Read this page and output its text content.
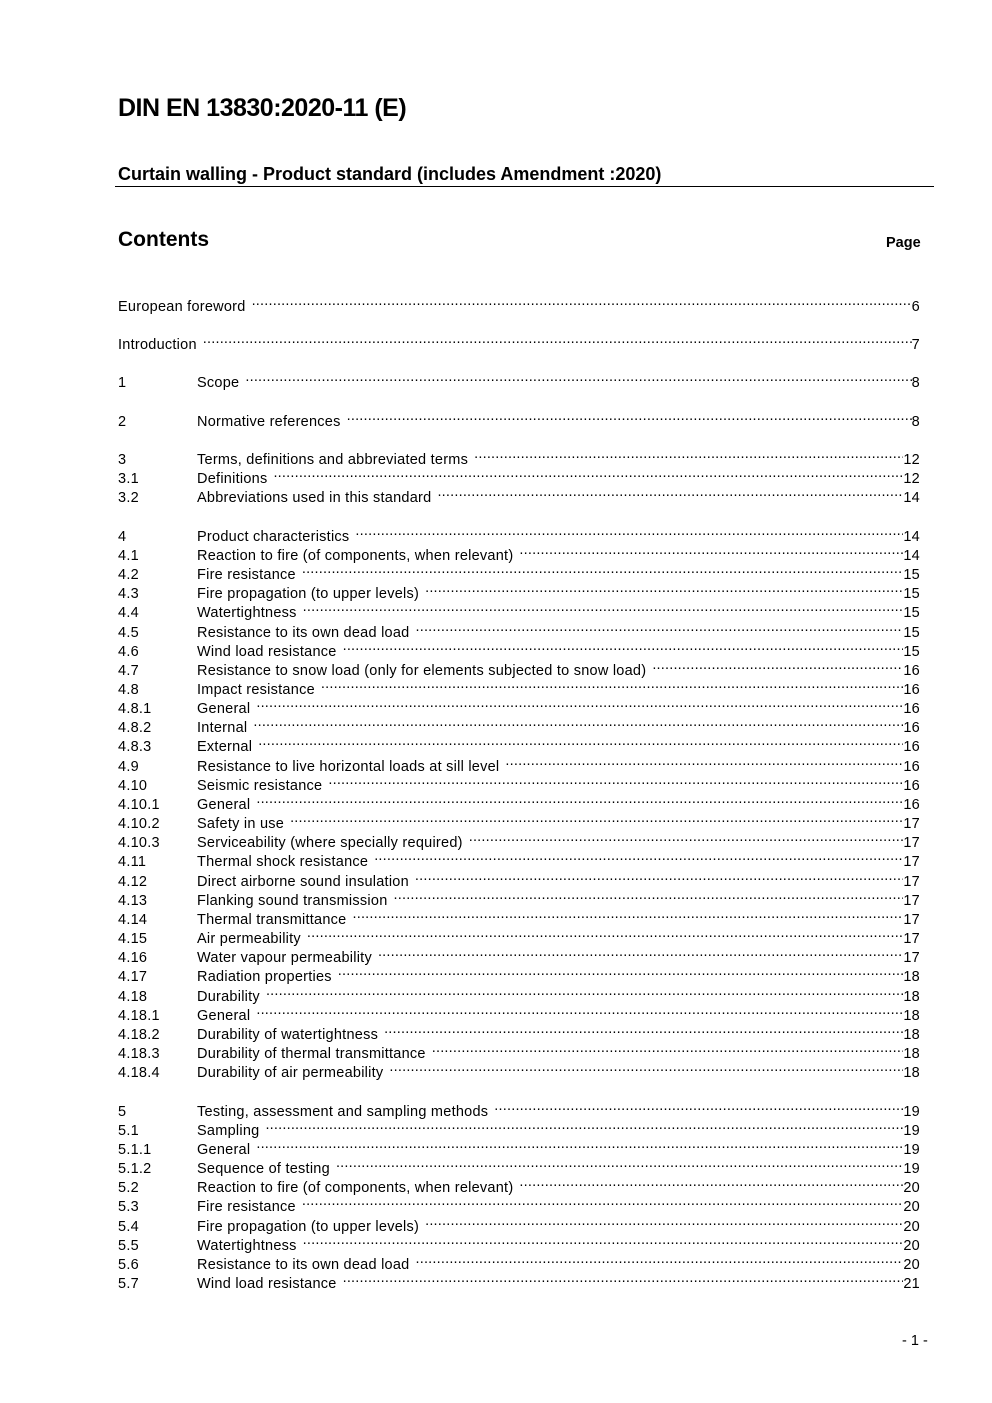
DIN EN 13830:2020-11 (E)
Curtain walling - Product standard (includes Amendment :2020)
Contents	Page
European foreword .....	6
Introduction .....	7
1	Scope .....	8
2	Normative references .....	8
3	Terms, definitions and abbreviated terms .....	12
3.1	Definitions .....	12
3.2	Abbreviations used in this standard .....	14
4	Product characteristics .....	14
4.1	Reaction to fire (of components, when relevant) .....	14
4.2	Fire resistance .....	15
4.3	Fire propagation (to upper levels) .....	15
4.4	Watertightness .....	15
4.5	Resistance to its own dead load .....	15
4.6	Wind load resistance .....	15
4.7	Resistance to snow load (only for elements subjected to snow load) .....	16
4.8	Impact resistance .....	16
4.8.1	General .....	16
4.8.2	Internal .....	16
4.8.3	External .....	16
4.9	Resistance to live horizontal loads at sill level .....	16
4.10	Seismic resistance .....	16
4.10.1	General .....	16
4.10.2	Safety in use .....	17
4.10.3	Serviceability (where specially required) .....	17
4.11	Thermal shock resistance .....	17
4.12	Direct airborne sound insulation .....	17
4.13	Flanking sound transmission .....	17
4.14	Thermal transmittance .....	17
4.15	Air permeability .....	17
4.16	Water vapour permeability .....	17
4.17	Radiation properties .....	18
4.18	Durability .....	18
4.18.1	General .....	18
4.18.2	Durability of watertightness .....	18
4.18.3	Durability of thermal transmittance .....	18
4.18.4	Durability of air permeability .....	18
5	Testing, assessment and sampling methods .....	19
5.1	Sampling .....	19
5.1.1	General .....	19
5.1.2	Sequence of testing .....	19
5.2	Reaction to fire (of components, when relevant) .....	20
5.3	Fire resistance .....	20
5.4	Fire propagation (to upper levels) .....	20
5.5	Watertightness .....	20
5.6	Resistance to its own dead load .....	20
5.7	Wind load resistance .....	21
- 1 -
